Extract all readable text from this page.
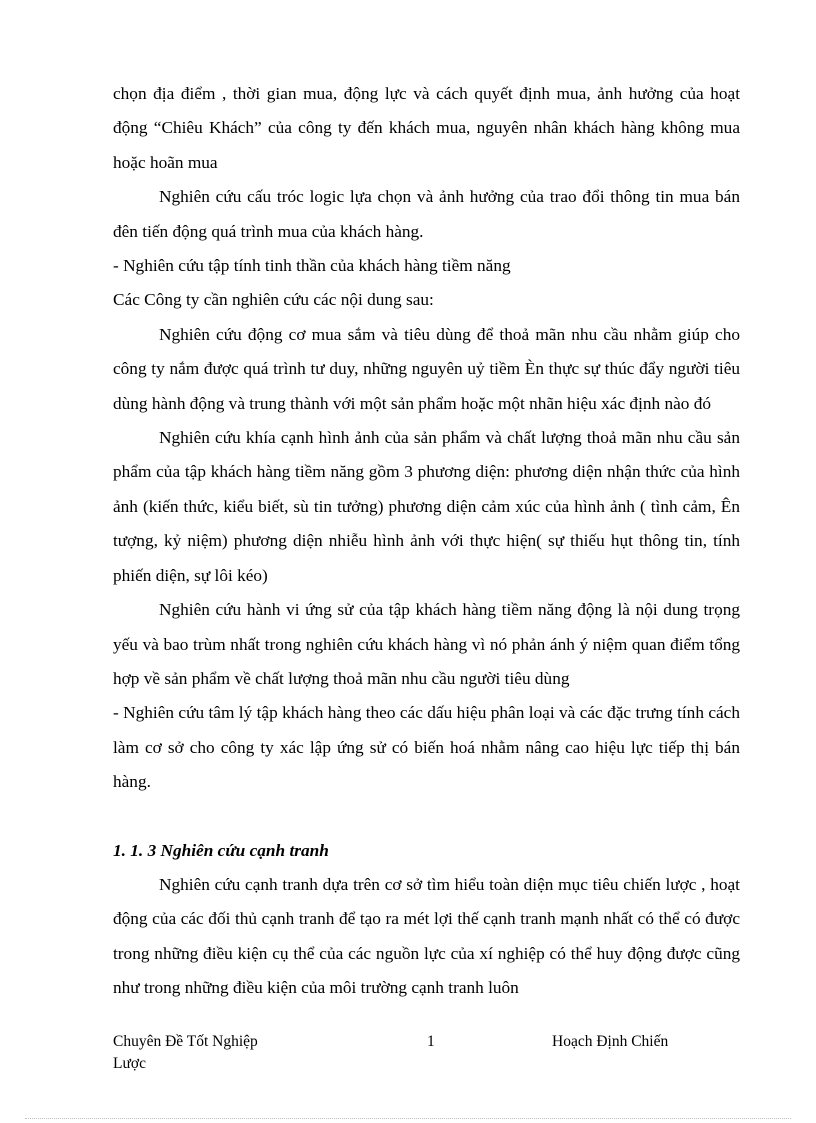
chọn địa điểm , thời gian mua, động lực và cách quyết định mua, ảnh hưởng của hoạt động “Chiêu Khách” của công ty đến khách mua, nguyên nhân khách hàng không mua hoặc hoãn mua

Nghiên cứu cấu tróc logic lựa chọn và ảnh hưởng của trao đổi thông tin mua bán đên tiến động quá trình mua của khách hàng.

- Nghiên cứu tập tính tinh thần của khách hàng tiềm năng

Các Công ty cần nghiên cứu các nội dung sau:

Nghiên cứu động cơ mua sắm và tiêu dùng để thoả mãn nhu cầu nhằm giúp cho công ty nắm được quá trình tư duy, những nguyên uỷ tiềm Èn thực sự thúc đẩy người tiêu dùng hành động và trung thành với một sản phẩm hoặc một nhãn hiệu xác định nào đó

Nghiên cứu khía cạnh hình ảnh của sản phẩm và chất lượng thoả mãn nhu cầu sản phẩm của tập khách hàng tiềm năng gồm 3 phương diện: phương diện nhận thức của hình ảnh (kiến thức, kiểu biết, sù tin tưởng) phương diện cảm xúc của hình ảnh ( tình cảm, Ên tượng, kỷ niệm) phương diện nhiễu hình ảnh với thực hiện( sự thiếu hụt thông tin, tính phiến diện, sự lôi kéo)

Nghiên cứu hành vi ứng sử của tập khách hàng tiềm năng động là nội dung trọng yếu và bao trùm nhất trong nghiên cứu khách hàng vì nó phản ánh ý niệm quan điểm tổng hợp về sản phẩm về chất lượng thoả mãn nhu cầu người tiêu dùng

- Nghiên cứu tâm lý tập khách hàng theo các dấu hiệu phân loại và các đặc trưng tính cách làm cơ sở cho công ty xác lập ứng sử có biến hoá nhằm nâng cao hiệu lực tiếp thị bán hàng.

1. 1. 3 Nghiên cứu cạnh tranh

Nghiên cứu cạnh tranh dựa trên cơ sở tìm hiểu toàn diện mục tiêu chiến lược , hoạt động của các đối thủ cạnh tranh để tạo ra mét lợi thế cạnh tranh mạnh nhất có thể có được trong những điều kiện cụ thể của các nguồn lực của xí nghiệp có thể huy động được cũng như trong những điều kiện của môi trường cạnh tranh luôn

Chuyên Đề Tốt Nghiệp	1	Hoạch Định Chiến
Lược
